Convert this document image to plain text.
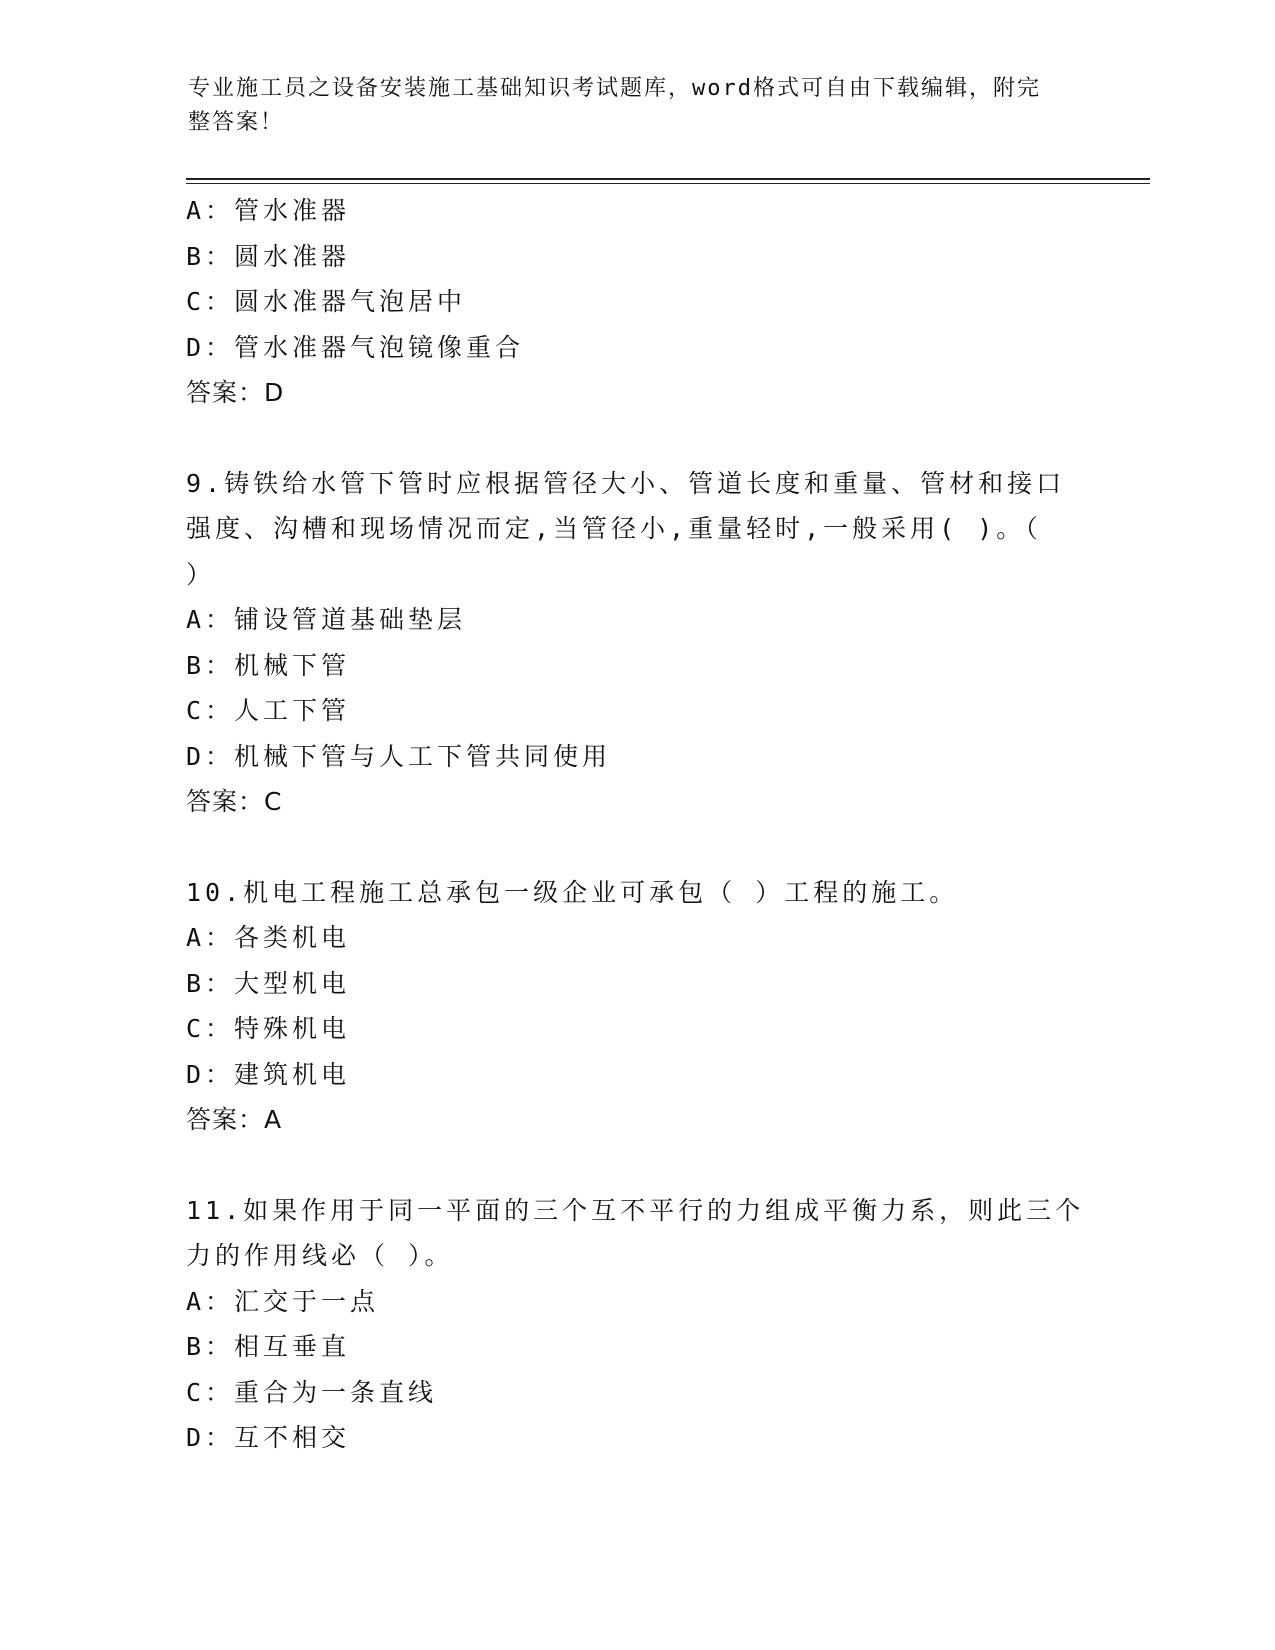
专业施工员之设备安装施工基础知识考试题库，word格式可自由下载编辑，附完
整答案！
A：管水准器
B：圆水准器
C：圆水准器气泡居中
D：管水准器气泡镜像重合
答案：D
9.铸铁给水管下管时应根据管径大小、管道长度和重量、管材和接口
强度、沟槽和现场情况而定,当管径小,重量轻时,一般采用( )。（
）
A：铺设管道基础垫层
B：机械下管
C：人工下管
D：机械下管与人工下管共同使用
答案：C
10.机电工程施工总承包一级企业可承包（ ）工程的施工。
A：各类机电
B：大型机电
C：特殊机电
D：建筑机电
答案：A
11.如果作用于同一平面的三个互不平行的力组成平衡力系，则此三个
力的作用线必（ ）。
A：汇交于一点
B：相互垂直
C：重合为一条直线
D：互不相交
